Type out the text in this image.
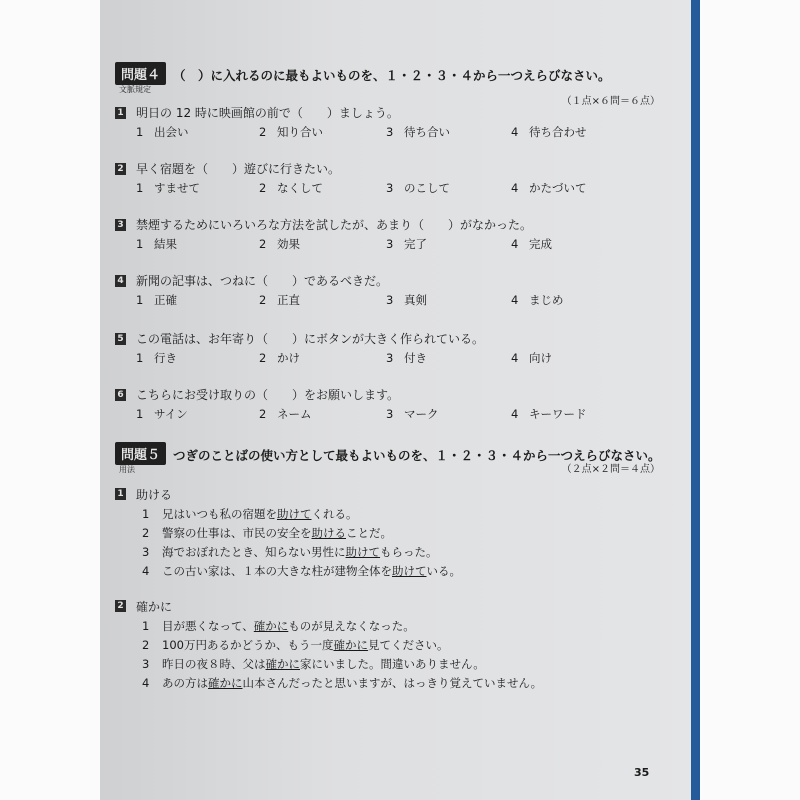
問題４
文脈規定
（　）に入れるのに最もよいものを、１・２・３・４から一つえらびなさい。
（１点×６問＝６点）
1 明日の 12 時に映画館の前で（　　）ましょう。
1 出会い	2 知り合い	3 待ち合い	4 待ち合わせ
2 早く宿題を（　　）遊びに行きたい。
1 すませて	2 なくして	3 のこして	4 かたづいて
3 禁煙するためにいろいろな方法を試したが、あまり（　　）がなかった。
1 結果	2 効果	3 完了	4 完成
4 新聞の記事は、つねに（　　）であるべきだ。
1 正確	2 正直	3 真剣	4 まじめ
5 この電話は、お年寄り（　　）にボタンが大きく作られている。
1 行き	2 かけ	3 付き	4 向け
6 こちらにお受け取りの（　　）をお願いします。
1 サイン	2 ネーム	3 マーク	4 キーワード
問題５
用法
つぎのことばの使い方として最もよいものを、１・２・３・４から一つえらびなさい。
（２点×２問＝４点）
1 助ける
1 兄はいつも私の宿題を助けてくれる。
2 警察の仕事は、市民の安全を助けることだ。
3 海でおぼれたとき、知らない男性に助けてもらった。
4 この古い家は、１本の大きな柱が建物全体を助けている。
2 確かに
1 目が悪くなって、確かにものが見えなくなった。
2 100万円あるかどうか、もう一度確かに見てください。
3 昨日の夜８時、父は確かに家にいました。間違いありません。
4 あの方は確かに山本さんだったと思いますが、はっきり覚えていません。
35
